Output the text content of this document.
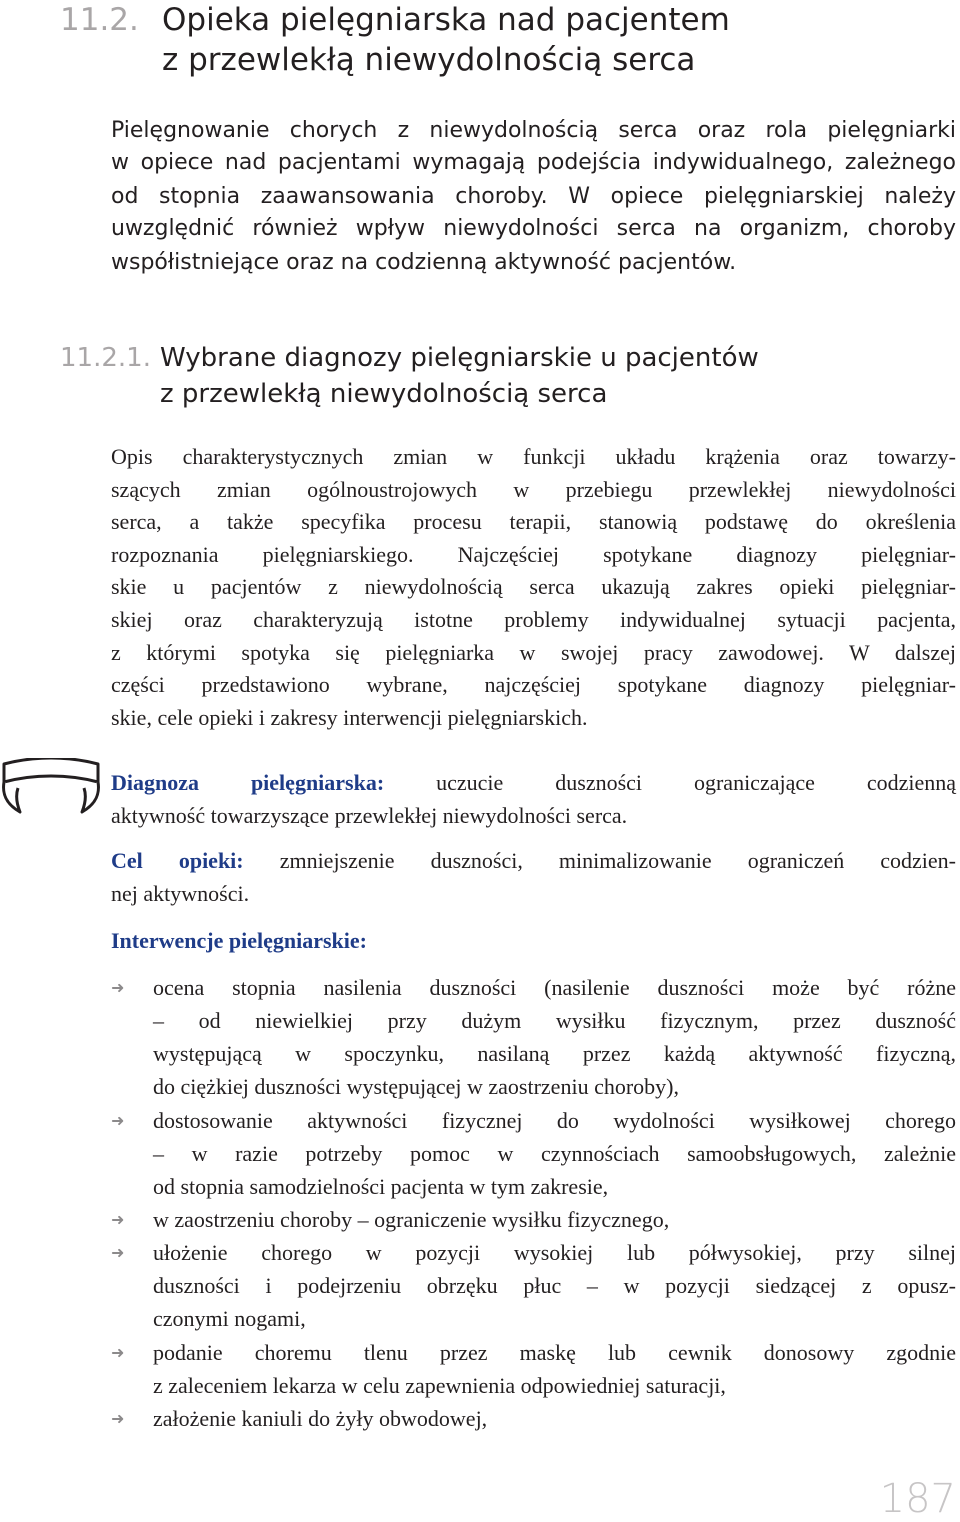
11.2. Opieka pielęgniarska nad pacjentem
z przewlekłą niewydolnością serca
Pielęgnowanie chorych z niewydolnością serca oraz rola pielęgniarki
w opiece nad pacjentami wymagają podejścia indywidualnego, zależnego
od stopnia zaawansowania choroby. W opiece pielęgniarskiej należy
uwzględnić również wpływ niewydolności serca na organizm, choroby
współistniejące oraz na codzienną aktywność pacjentów.
11.2.1. Wybrane diagnozy pielęgniarskie u pacjentów
z przewlekłą niewydolnością serca
Opis charakterystycznych zmian w funkcji układu krążenia oraz towarzy-
szących zmian ogólnoustrojowych w przebiegu przewlekłej niewydolności
serca, a także specyfika procesu terapii, stanowią podstawę do określenia
rozpoznania pielęgniarskiego. Najczęściej spotykane diagnozy pielęgniar-
skie u pacjentów z niewydolnością serca ukazują zakres opieki pielęgniar-
skiej oraz charakteryzują istotne problemy indywidualnej sytuacji pacjenta,
z którymi spotyka się pielęgniarka w swojej pracy zawodowej. W dalszej
części przedstawiono wybrane, najczęściej spotykane diagnozy pielęgniar-
skie, cele opieki i zakresy interwencji pielęgniarskich.
Diagnoza pielęgniarska: uczucie duszności ograniczające codzienną
aktywność towarzyszące przewlekłej niewydolności serca.
Cel opieki: zmniejszenie duszności, minimalizowanie ograniczeń codzien-
nej aktywności.
Interwencje pielęgniarskie:
➜ ocena stopnia nasilenia duszności (nasilenie duszności może być różne
– od niewielkiej przy dużym wysiłku fizycznym, przez duszność
występującą w spoczynku, nasilaną przez każdą aktywność fizyczną,
do ciężkiej duszności występującej w zaostrzeniu choroby),
➜ dostosowanie aktywności fizycznej do wydolności wysiłkowej chorego
– w razie potrzeby pomoc w czynnościach samoobsługowych, zależnie
od stopnia samodzielności pacjenta w tym zakresie,
➜ w zaostrzeniu choroby – ograniczenie wysiłku fizycznego,
➜ ułożenie chorego w pozycji wysokiej lub półwysokiej, przy silnej
duszności i podejrzeniu obrzęku płuc – w pozycji siedzącej z opusz-
czonymi nogami,
➜ podanie choremu tlenu przez maskę lub cewnik donosowy zgodnie
z zaleceniem lekarza w celu zapewnienia odpowiedniej saturacji,
➜ założenie kaniuli do żyły obwodowej,
187
